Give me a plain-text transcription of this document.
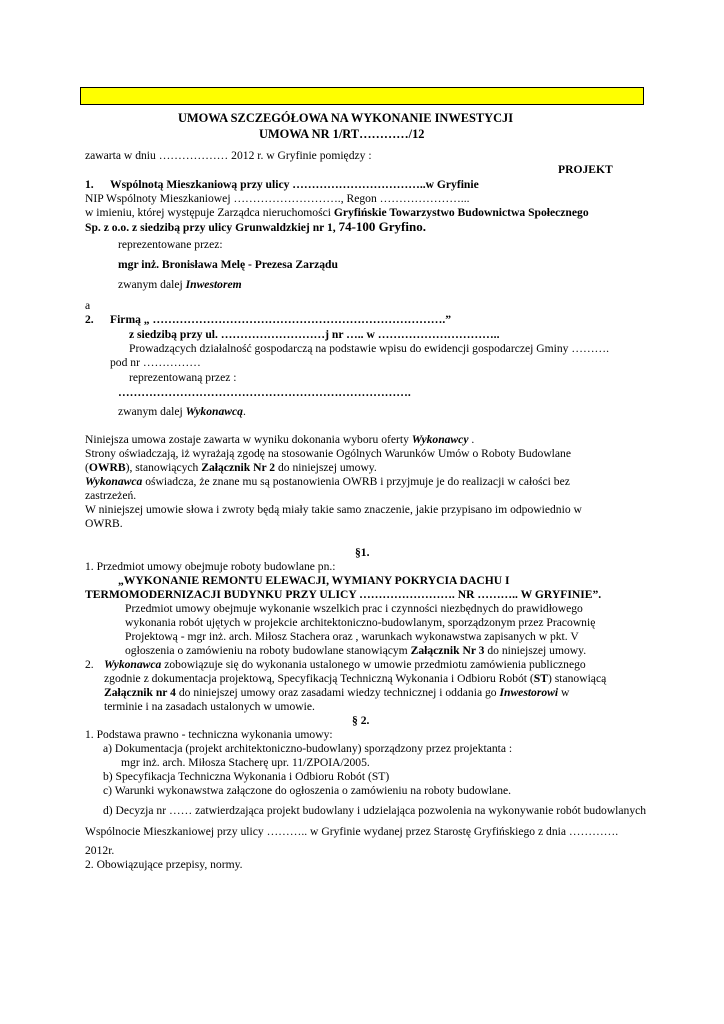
UMOWA SZCZEGÓŁOWA NA WYKONANIE INWESTYCJI
UMOWA NR 1/RT…………/12
zawarta w dniu ……………… 2012 r. w Gryfinie pomiędzy :
PROJEKT
1. Wspólnotą Mieszkaniową przy ulicy ……………………………..w Gryfinie
NIP Wspólnoty Mieszkaniowej ………………………., Regon …………………...
w imieniu, której występuje Zarządca nieruchomości Gryfińskie Towarzystwo Budownictwa Społecznego
Sp. z o.o. z siedzibą przy ulicy Grunwaldzkiej nr 1, 74-100 Gryfino.
reprezentowane przez:
mgr inż. Bronisława Melę - Prezesa Zarządu
zwanym dalej Inwestorem
a
2. Firmą „ ………………………………………………………………….”
z siedzibą przy ul. ………………………j nr ….. w …………………………..
Prowadzących działalność gospodarczą na podstawie wpisu do ewidencji gospodarczej Gminy ……….
pod nr ……………
reprezentowaną przez :
………………………………………………………………….
zwanym dalej Wykonawcą.
Niniejsza umowa zostaje zawarta w wyniku dokonania wyboru oferty Wykonawcy .
Strony oświadczają, iż wyrażają zgodę na stosowanie Ogólnych Warunków Umów o Roboty Budowlane
(OWRB), stanowiących Załącznik Nr 2 do niniejszej umowy.
Wykonawca oświadcza, że znane mu są postanowienia OWRB i przyjmuje je do realizacji w całości bez
zastrzeżeń.
W niniejszej umowie słowa i zwroty będą miały takie samo znaczenie, jakie przypisano im odpowiednio w
OWRB.
§1.
1. Przedmiot umowy obejmuje roboty budowlane pn.:
„WYKONANIE REMONTU ELEWACJI, WYMIANY POKRYCIA DACHU I
TERMOMODERNIZACJI BUDYNKU PRZY ULICY ……………………. NR ……….. W GRYFINIE”.
Przedmiot umowy obejmuje wykonanie wszelkich prac i czynności niezbędnych do prawidłowego
wykonania robót ujętych w projekcie architektoniczno-budowlanym, sporządzonym przez Pracownię
Projektową - mgr inż. arch. Miłosz Stachera oraz , warunkach wykonawstwa zapisanych w pkt. V
ogłoszenia o zamówieniu na roboty budowlane stanowiącym Załącznik Nr 3 do niniejszej umowy.
2. Wykonawca zobowiązuje się do wykonania ustalonego w umowie przedmiotu zamówienia publicznego
zgodnie z dokumentacja projektową, Specyfikacją Techniczną Wykonania i Odbioru Robót (ST) stanowiącą
Załącznik nr 4 do niniejszej umowy oraz zasadami wiedzy technicznej i oddania go Inwestorowi w
terminie i na zasadach ustalonych w umowie.
§ 2.
1. Podstawa prawno - techniczna wykonania umowy:
a) Dokumentacja (projekt architektoniczno-budowlany) sporządzony przez projektanta :
mgr inż. arch. Miłosza Stacherę upr. 11/ZPOIA/2005.
b) Specyfikacja Techniczna Wykonania i Odbioru Robót (ST)
c) Warunki wykonawstwa załączone do ogłoszenia o zamówieniu na roboty budowlane.
d) Decyzja nr …… zatwierdzająca projekt budowlany i udzielająca pozwolenia na wykonywanie robót budowlanych
Wspólnocie Mieszkaniowej przy ulicy ……….. w Gryfinie wydanej przez Starostę Gryfińskiego z dnia ………….
2012r.
2. Obowiązujące przepisy, normy.
